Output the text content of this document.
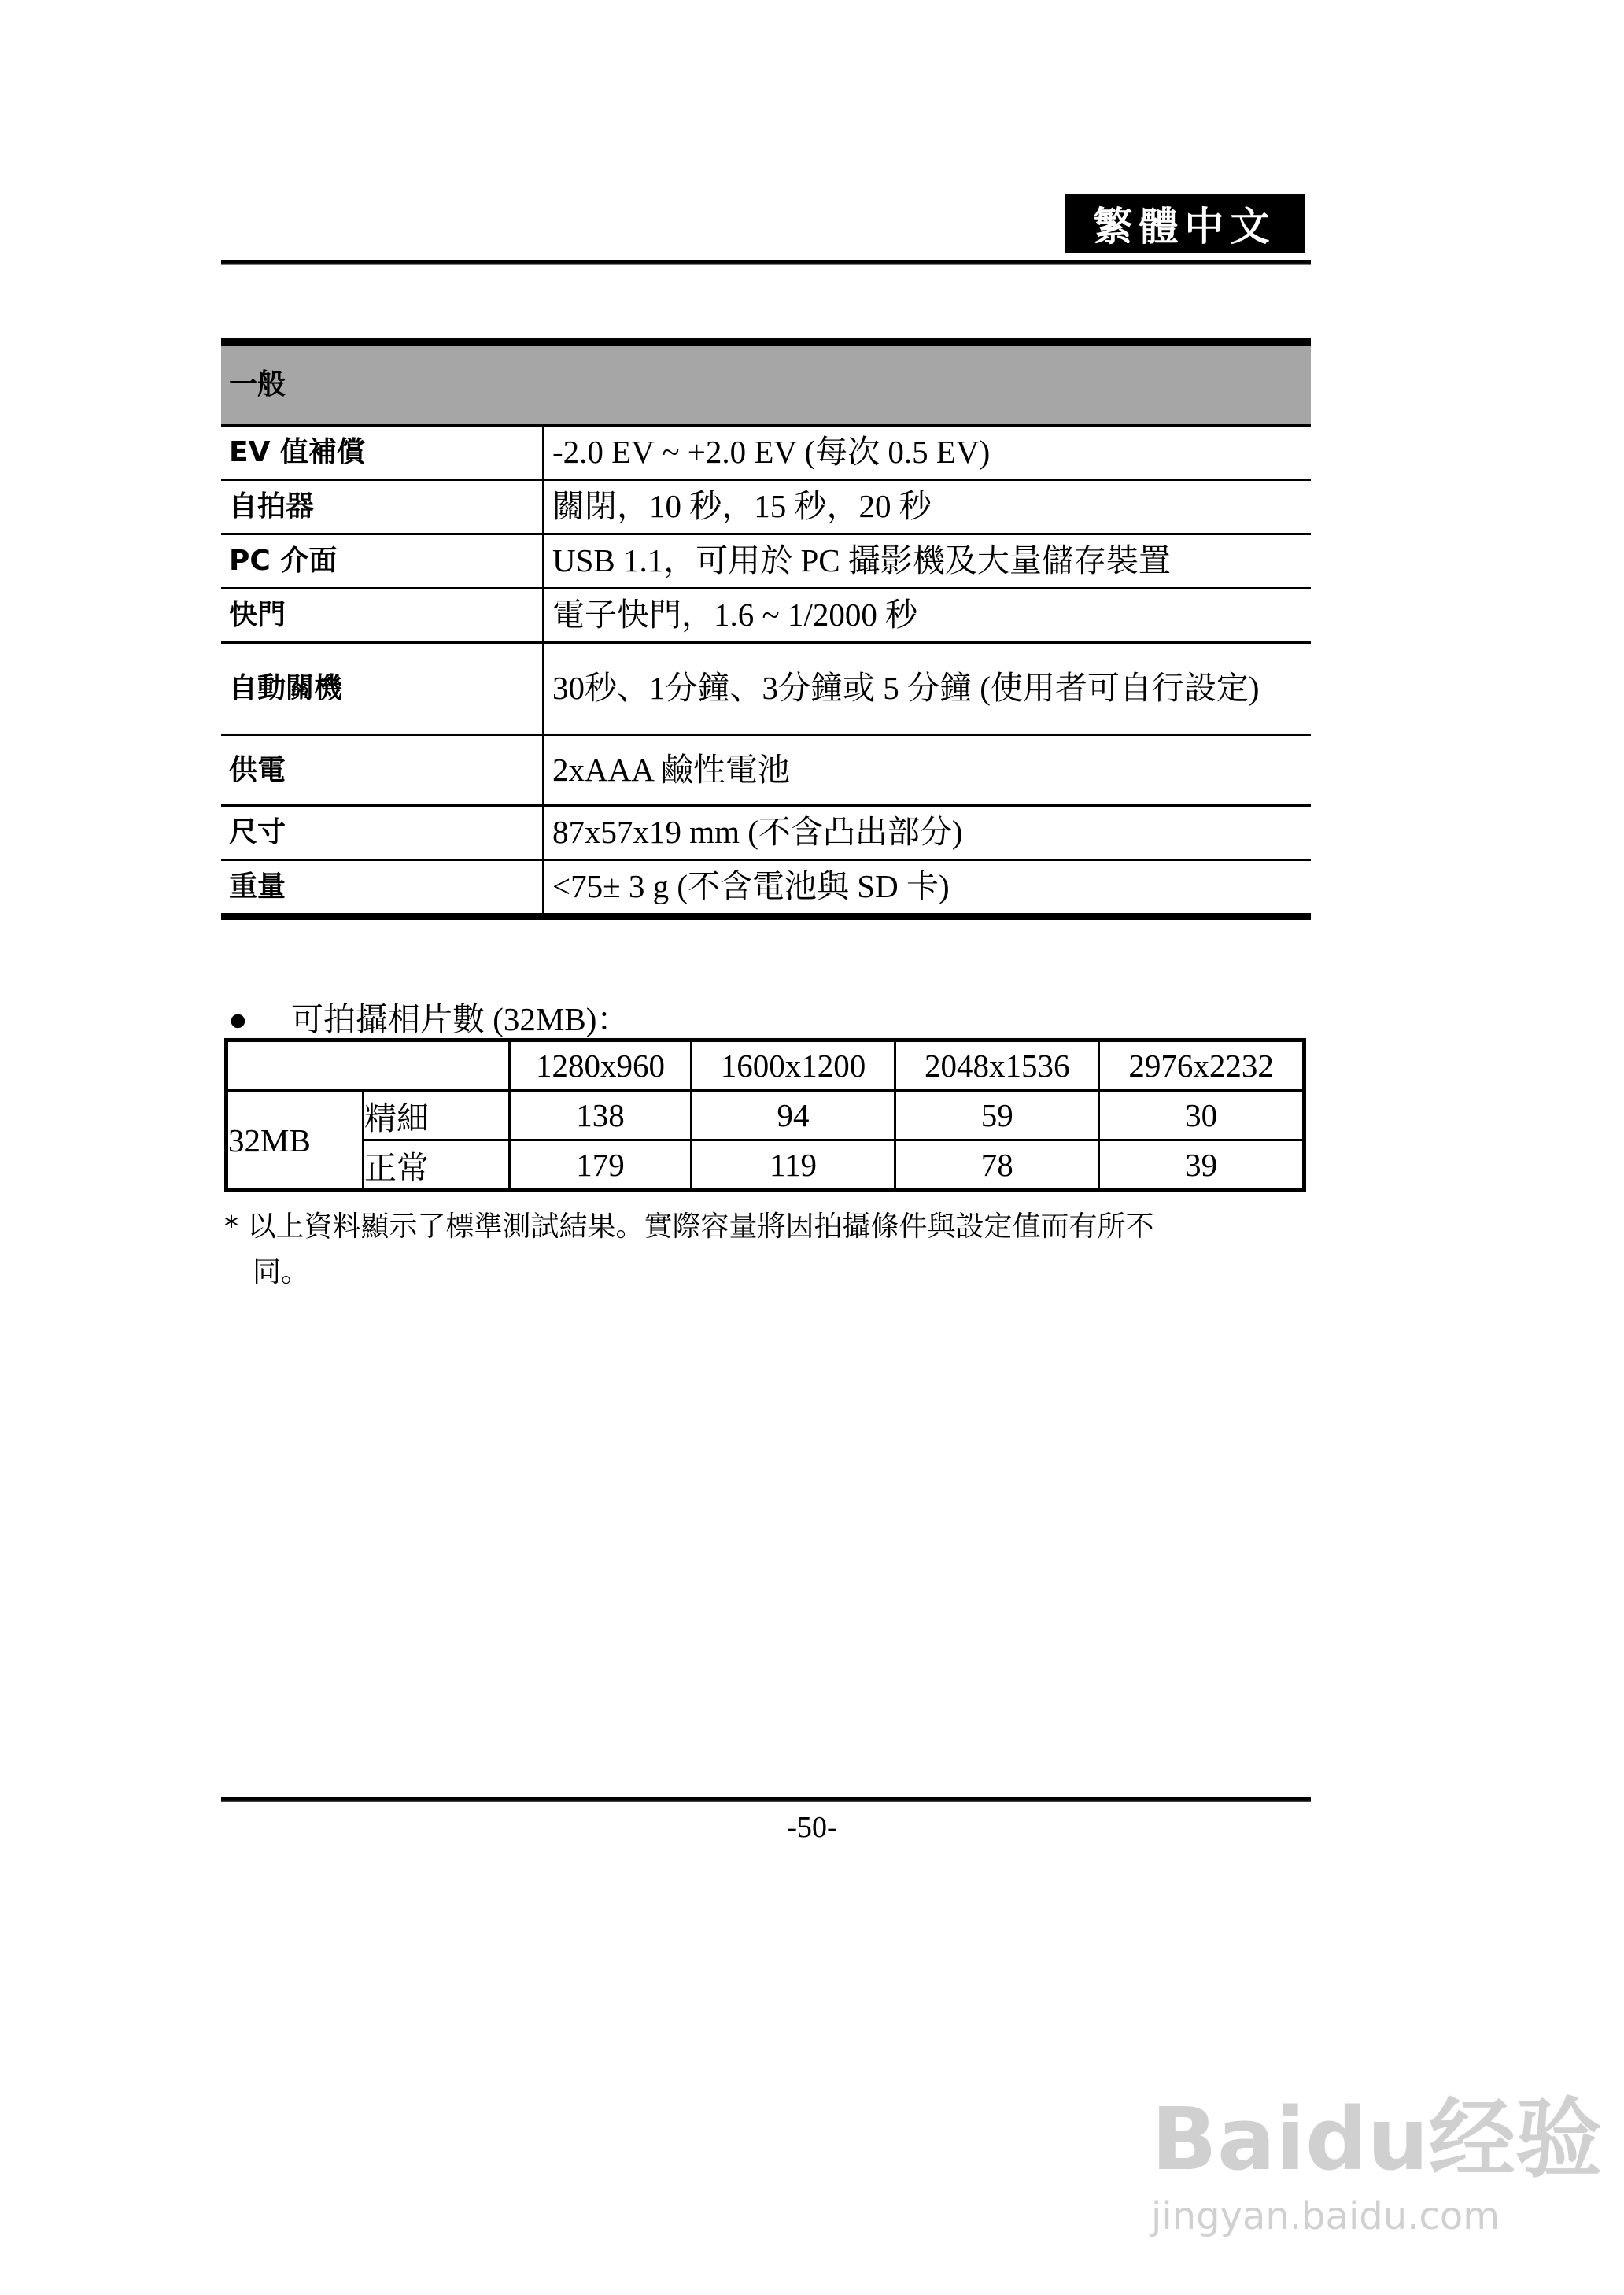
繁體中文
一般	
EV 值補償	-2.0 EV ~ +2.0 EV (每次 0.5 EV)
自拍器	關閉，10 秒，15 秒，20 秒
PC 介面	USB 1.1，可用於 PC 攝影機及大量儲存裝置
快門	電子快門，1.6 ~ 1/2000 秒
自動關機	30秒、1分鐘、3分鐘或 5 分鐘 (使用者可自行設定)
供電	2xAAA 鹼性電池
尺寸	87x57x19 mm (不含凸出部分)
重量	<75± 3 g (不含電池與 SD 卡)
● 可拍攝相片數 (32MB)：
		1280x960	1600x1200	2048x1536	2976x2232
32MB	精細	138	94	59	30
	正常	179	119	78	39
* 以上資料顯示了標準測試結果。實際容量將因拍攝條件與設定值而有所不
同。
-50-
Baidu经验
jingyan.baidu.com
